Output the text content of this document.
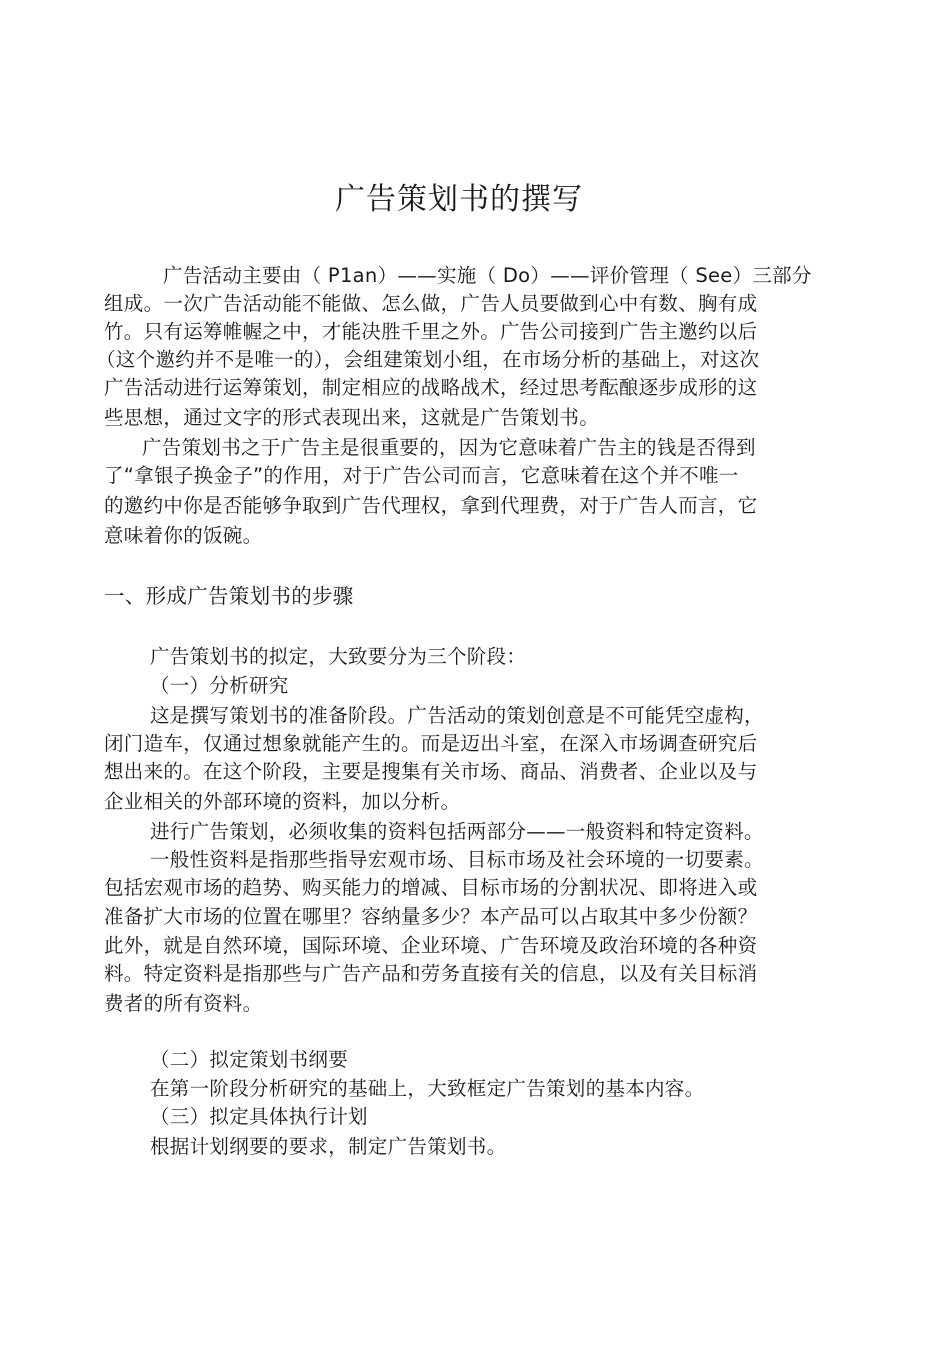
广告策划书的撰写
广告活动主要由（ P1an）——实施（ Do）——评价管理（ See）三部分
组成。一次广告活动能不能做、怎么做，广告人员要做到心中有数、胸有成
竹。只有运筹帷幄之中，才能决胜千里之外。广告公司接到广告主邀约以后
（这个邀约并不是唯一的），会组建策划小组，在市场分析的基础上，对这次
广告活动进行运筹策划，制定相应的战略战术，经过思考酝酿逐步成形的这
些思想，通过文字的形式表现出来，这就是广告策划书。
广告策划书之于广告主是很重要的，因为它意味着广告主的钱是否得到
了“拿银子换金子”的作用，对于广告公司而言，它意味着在这个并不唯一
的邀约中你是否能够争取到广告代理权，拿到代理费，对于广告人而言，它
意味着你的饭碗。
一、形成广告策划书的步骤
广告策划书的拟定，大致要分为三个阶段：
（一）分析研究
这是撰写策划书的准备阶段。广告活动的策划创意是不可能凭空虚构，
闭门造车，仅通过想象就能产生的。而是迈出斗室，在深入市场调查研究后
想出来的。在这个阶段，主要是搜集有关市场、商品、消费者、企业以及与
企业相关的外部环境的资料，加以分析。
进行广告策划，必须收集的资料包括两部分——一般资料和特定资料。
一般性资料是指那些指导宏观市场、目标市场及社会环境的一切要素。
包括宏观市场的趋势、购买能力的增减、目标市场的分割状况、即将进入或
准备扩大市场的位置在哪里？容纳量多少？本产品可以占取其中多少份额？
此外，就是自然环境，国际环境、企业环境、广告环境及政治环境的各种资
料。特定资料是指那些与广告产品和劳务直接有关的信息，以及有关目标消
费者的所有资料。
（二）拟定策划书纲要
在第一阶段分析研究的基础上，大致框定广告策划的基本内容。
（三）拟定具体执行计划
根据计划纲要的要求，制定广告策划书。
